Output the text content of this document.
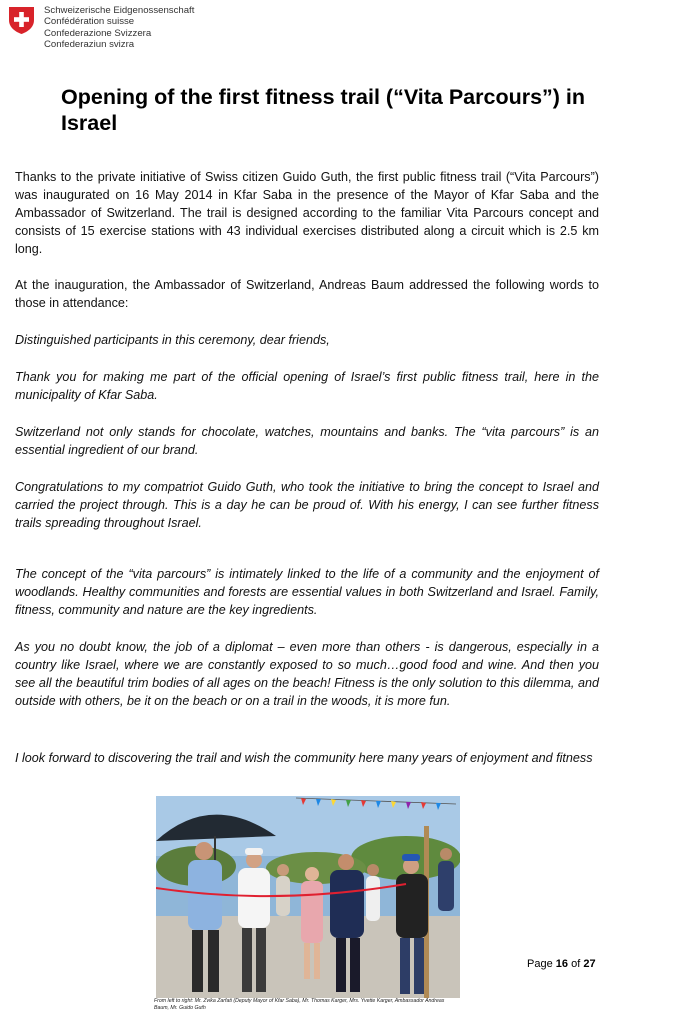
Schweizerische Eidgenossenschaft
Confédération suisse
Confederazione Svizzera
Confederaziun svizra
Opening of the first fitness trail (“Vita Parcours”) in Israel

Thanks to the private initiative of Swiss citizen Guido Guth, the first public fitness trail (“Vita Parcours”) was inaugurated on 16 May 2014 in Kfar Saba in the presence of the Mayor of Kfar Saba and the Ambassador of Switzerland. The trail is designed according to the familiar Vita Parcours concept and consists of 15 exercise stations with 43 individual exercises distributed along a circuit which is 2.5 km long.

At the inauguration, the Ambassador of Switzerland, Andreas Baum addressed the following words to those in attendance:

Distinguished participants in this ceremony, dear friends,

Thank you for making me part of the official opening of Israel’s first public fitness trail, here in the municipality of Kfar Saba.

Switzerland not only stands for chocolate, watches, mountains and banks. The “vita parcours” is an essential ingredient of our brand.

Congratulations to my compatriot Guido Guth, who took the initiative to bring the concept to Israel and carried the project through. This is a day he can be proud of. With his energy, I can see further fitness trails spreading throughout Israel.

The concept of the “vita parcours” is intimately linked to the life of a community and the enjoyment of woodlands. Healthy communities and forests are essential values in both Switzerland and Israel. Family, fitness, community and nature are the key ingredients.

As you no doubt know, the job of a diplomat – even more than others - is dangerous, especially in a country like Israel, where we are constantly exposed to so much…good food and wine. And then you see all the beautiful trim bodies of all ages on the beach! Fitness is the only solution to this dilemma, and outside with others, be it on the beach or on a trail in the woods, it is more fun.

I look forward to discovering the trail and wish the community here many years of enjoyment and fitness

From left to right: Mr. Zvika Zarfati (Deputy Mayor of Kfar Saba), Mr. Thomas Karger, Mrs. Yvette Karger, Ambassador Andreas Baum, Mr. Guido Guth
Page 16 of 27
